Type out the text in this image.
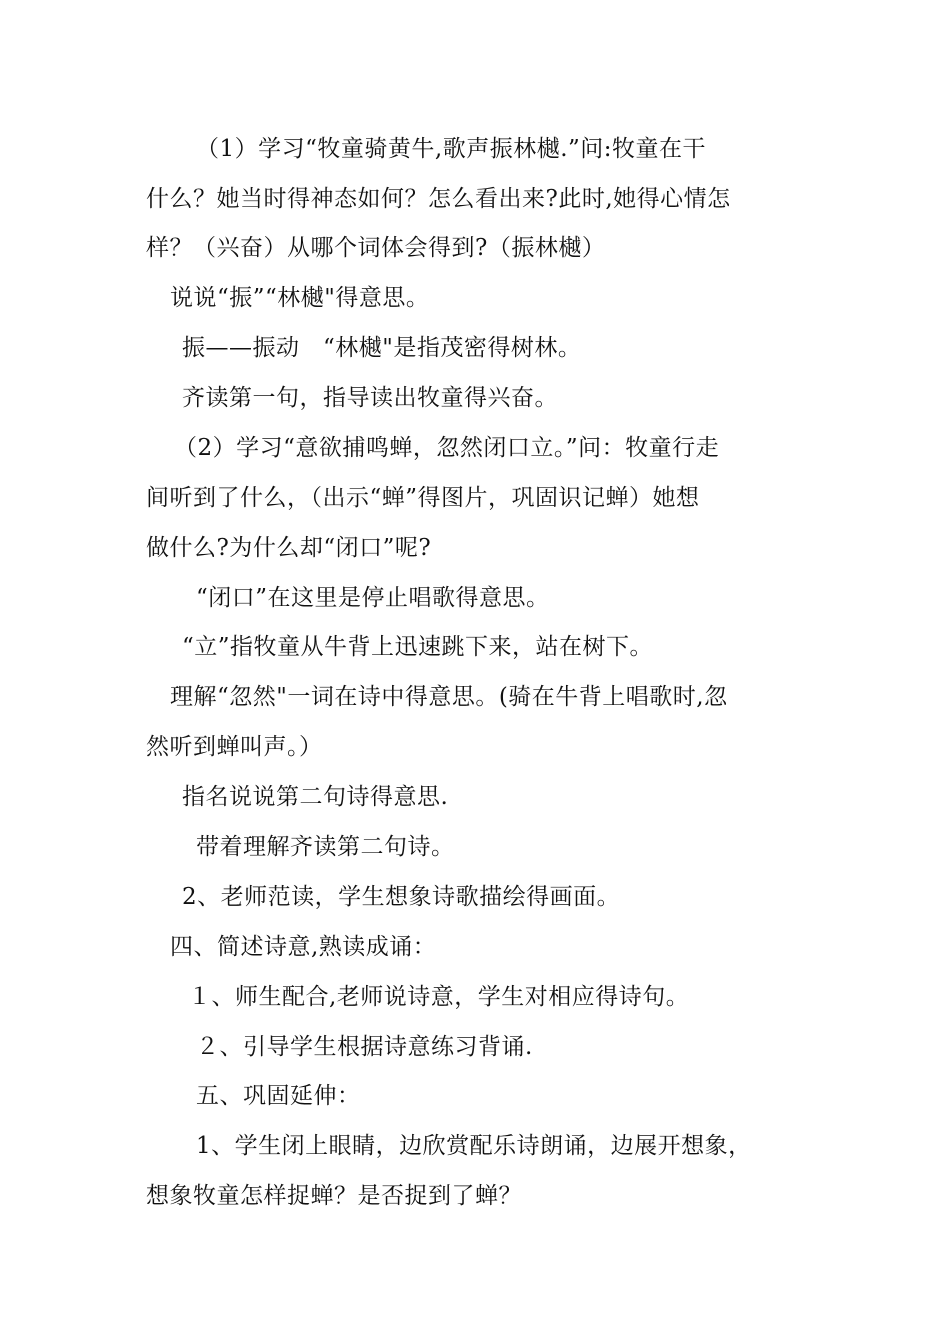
（1）学习“牧童骑黄牛,歌声振林樾.”问:牧童在干
什么？她当时得神态如何？怎么看出来?此时,她得心情怎
样？（兴奋）从哪个词体会得到?（振林樾）
说说“振”“林樾"得意思。
振——振动　“林樾"是指茂密得树林。
齐读第一句，指导读出牧童得兴奋。
（2）学习“意欲捕鸣蝉，忽然闭口立。”问：牧童行走
间听到了什么，（出示“蝉”得图片，巩固识记蝉）她想
做什么?为什么却“闭口”呢?
“闭口”在这里是停止唱歌得意思。
“立”指牧童从牛背上迅速跳下来，站在树下。
理解“忽然"一词在诗中得意思。(骑在牛背上唱歌时,忽
然听到蝉叫声。）
指名说说第二句诗得意思.
带着理解齐读第二句诗。
2、老师范读，学生想象诗歌描绘得画面。
四、简述诗意,熟读成诵：
１、师生配合,老师说诗意，学生对相应得诗句。
２、引导学生根据诗意练习背诵.
五、巩固延伸：
1、学生闭上眼睛，边欣赏配乐诗朗诵，边展开想象，
想象牧童怎样捉蝉？是否捉到了蝉？
